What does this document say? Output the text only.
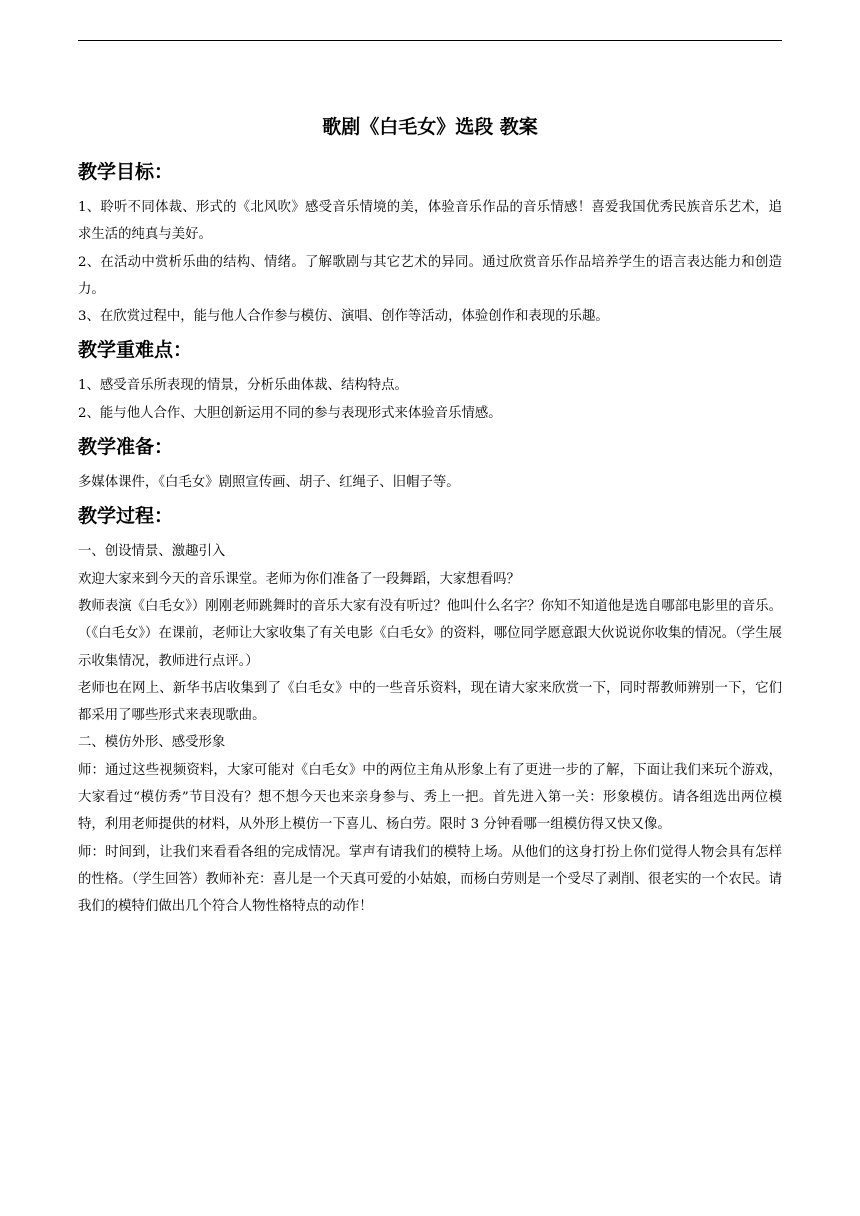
歌剧《白毛女》选段 教案
教学目标：

1、聆听不同体裁、形式的《北风吹》感受音乐情境的美，体验音乐作品的音乐情感！喜爱我国优秀民族音乐艺术，追求生活的纯真与美好。

2、在活动中赏析乐曲的结构、情绪。了解歌剧与其它艺术的异同。通过欣赏音乐作品培养学生的语言表达能力和创造力。

3、在欣赏过程中，能与他人合作参与模仿、演唱、创作等活动，体验创作和表现的乐趣。

教学重难点：

1、感受音乐所表现的情景，分析乐曲体裁、结构特点。

2、能与他人合作、大胆创新运用不同的参与表现形式来体验音乐情感。

教学准备：

多媒体课件，《白毛女》剧照宣传画、胡子、红绳子、旧帽子等。

教学过程：

一、创设情景、激趣引入

欢迎大家来到今天的音乐课堂。老师为你们准备了一段舞蹈，大家想看吗？

教师表演《白毛女》）刚刚老师跳舞时的音乐大家有没有听过？他叫什么名字？你知不知道他是选自哪部电影里的音乐。（《白毛女》）在课前，老师让大家收集了有关电影《白毛女》的资料，哪位同学愿意跟大伙说说你收集的情况。（学生展示收集情况，教师进行点评。）

老师也在网上、新华书店收集到了《白毛女》中的一些音乐资料，现在请大家来欣赏一下，同时帮教师辨别一下，它们都采用了哪些形式来表现歌曲。

二、模仿外形、感受形象

师：通过这些视频资料，大家可能对《白毛女》中的两位主角从形象上有了更进一步的了解，下面让我们来玩个游戏，大家看过“模仿秀”节目没有？想不想今天也来亲身参与、秀上一把。首先进入第一关：形象模仿。请各组选出两位模特，利用老师提供的材料，从外形上模仿一下喜儿、杨白劳。限时 3 分钟看哪一组模仿得又快又像。

师：时间到，让我们来看看各组的完成情况。掌声有请我们的模特上场。从他们的这身打扮上你们觉得人物会具有怎样的性格。（学生回答）教师补充：喜儿是一个天真可爱的小姑娘，而杨白劳则是一个受尽了剥削、很老实的一个农民。请我们的模特们做出几个符合人物性格特点的动作！
